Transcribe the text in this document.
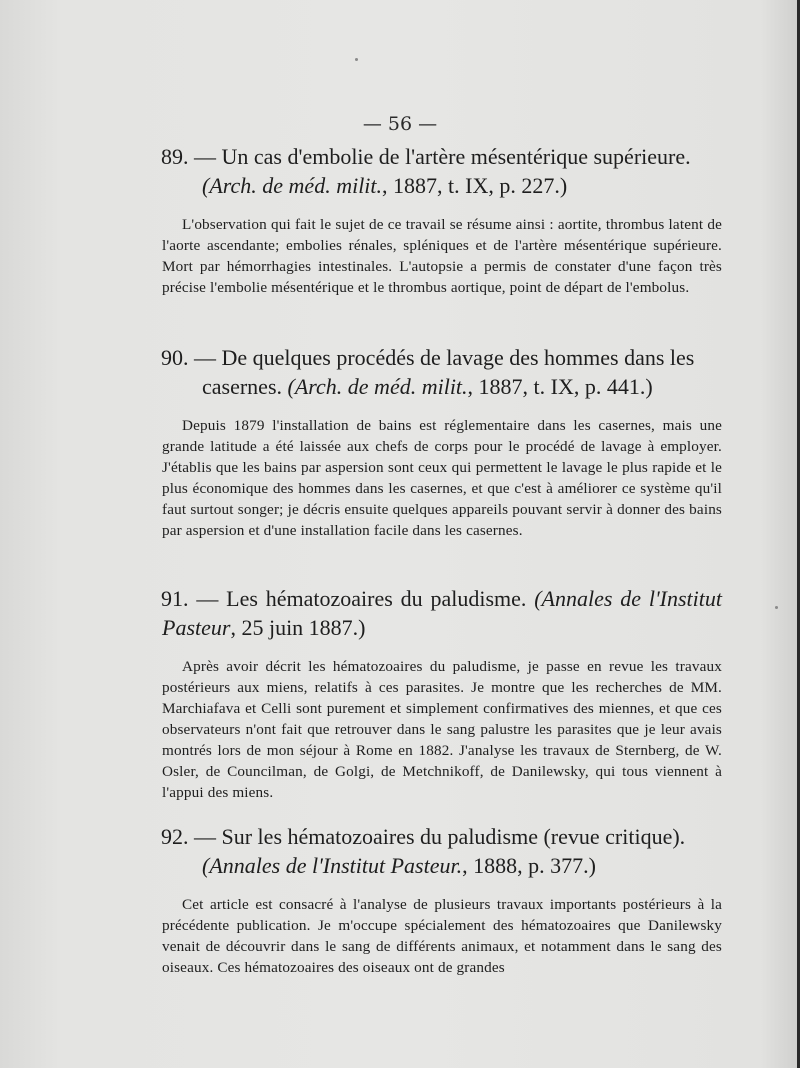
— 56 —
89. — Un cas d'embolie de l'artère mésentérique supérieure.
(Arch. de méd. milit., 1887, t. IX, p. 227.)

L'observation qui fait le sujet de ce travail se résume ainsi : aortite, thrombus latent de l'aorte ascendante; embolies rénales, spléniques et de l'artère mésentérique supérieure. Mort par hémorrhagies intestinales. L'autopsie a permis de constater d'une façon très précise l'embolie mésentérique et le thrombus aortique, point de départ de l'embolus.

90. — De quelques procédés de lavage des hommes dans les
casernes. (Arch. de méd. milit., 1887, t. IX, p. 441.)

Depuis 1879 l'installation de bains est réglementaire dans les casernes, mais une grande latitude a été laissée aux chefs de corps pour le procédé de lavage à employer. J'établis que les bains par aspersion sont ceux qui permettent le lavage le plus rapide et le plus économique des hommes dans les casernes, et que c'est à améliorer ce système qu'il faut surtout songer; je décris ensuite quelques appareils pouvant servir à donner des bains par aspersion et d'une installation facile dans les casernes.

91. — Les hématozoaires du paludisme. (Annales de l'Institut Pasteur, 25 juin 1887.)

Après avoir décrit les hématozoaires du paludisme, je passe en revue les travaux postérieurs aux miens, relatifs à ces parasites. Je montre que les recherches de MM. Marchiafava et Celli sont purement et simplement confirmatives des miennes, et que ces observateurs n'ont fait que retrouver dans le sang palustre les parasites que je leur avais montrés lors de mon séjour à Rome en 1882. J'analyse les travaux de Sternberg, de W. Osler, de Councilman, de Golgi, de Metchnikoff, de Danilewsky, qui tous viennent à l'appui des miens.

92. — Sur les hématozoaires du paludisme (revue critique).
(Annales de l'Institut Pasteur., 1888, p. 377.)

Cet article est consacré à l'analyse de plusieurs travaux importants postérieurs à la précédente publication. Je m'occupe spécialement des hématozoaires que Danilewsky venait de découvrir dans le sang de différents animaux, et notamment dans le sang des oiseaux. Ces hématozoaires des oiseaux ont de grandes
